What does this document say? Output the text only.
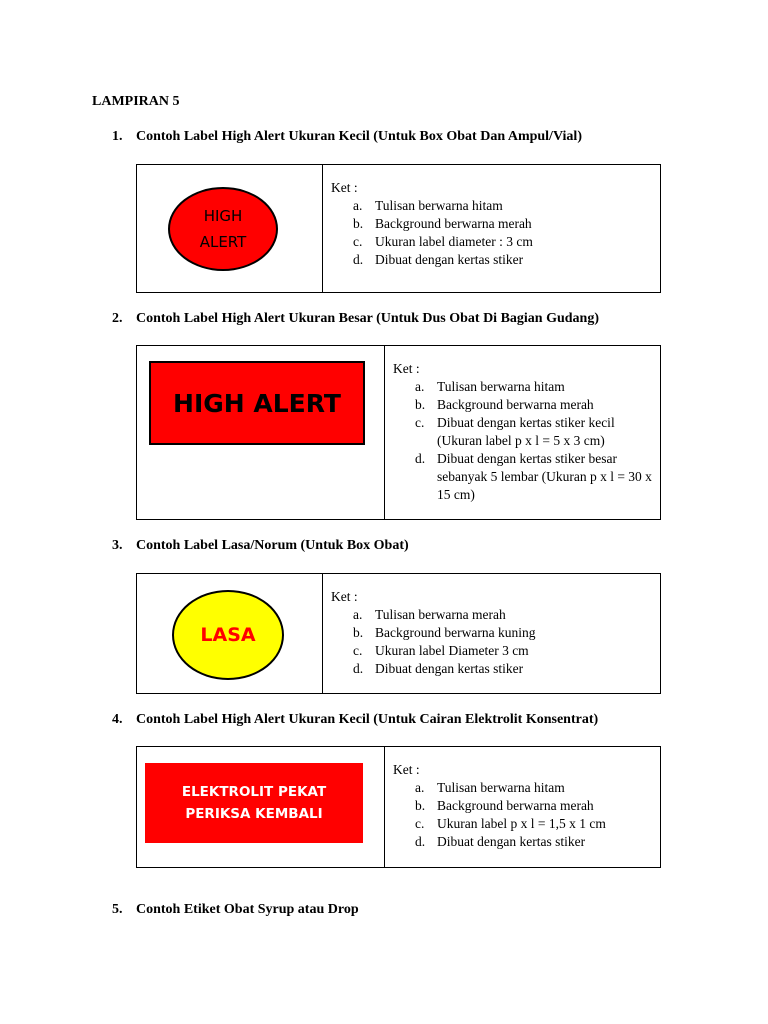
LAMPIRAN 5
1. Contoh Label High Alert Ukuran Kecil (Untuk Box Obat Dan Ampul/Vial)
HIGH
ALERT
Ket :
a. Tulisan berwarna hitam
b. Background berwarna merah
c. Ukuran label diameter : 3 cm
d. Dibuat dengan kertas stiker
2. Contoh Label High Alert Ukuran Besar (Untuk Dus Obat Di Bagian Gudang)
HIGH ALERT
Ket :
a. Tulisan berwarna hitam
b. Background berwarna merah
c. Dibuat dengan kertas stiker kecil (Ukuran label p x l = 5 x 3 cm)
d. Dibuat dengan kertas stiker besar sebanyak 5 lembar (Ukuran p x l = 30 x 15 cm)
3. Contoh Label Lasa/Norum (Untuk Box Obat)
LASA
Ket :
a. Tulisan berwarna merah
b. Background berwarna kuning
c. Ukuran label Diameter 3 cm
d. Dibuat dengan kertas stiker
4. Contoh Label High Alert Ukuran Kecil (Untuk Cairan Elektrolit Konsentrat)
ELEKTROLIT PEKAT
PERIKSA KEMBALI
Ket :
a. Tulisan berwarna hitam
b. Background berwarna merah
c. Ukuran label p x l = 1,5 x 1 cm
d. Dibuat dengan kertas stiker
5. Contoh Etiket Obat Syrup atau Drop
